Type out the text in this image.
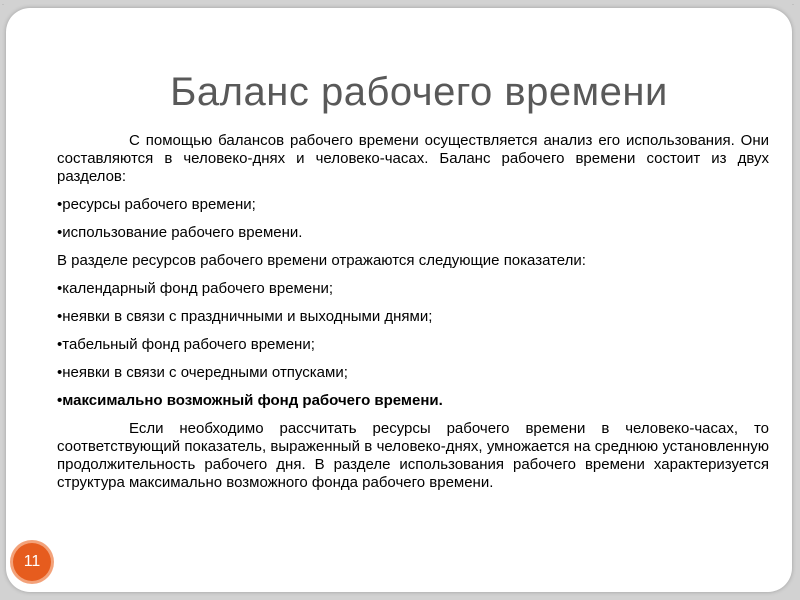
Баланс рабочего времени

С помощью балансов рабочего времени осуществляется анализ его использования. Они составляются в человеко-днях и человеко-часах. Баланс рабочего времени состоит из двух разделов:

•ресурсы рабочего времени;

•использование рабочего времени.

В разделе ресурсов рабочего времени отражаются следующие показатели:

•календарный фонд рабочего времени;

•неявки в связи с праздничными и выходными днями;

•табельный фонд рабочего времени;

•неявки в связи с очередными отпусками;

•максимально возможный фонд рабочего времени.

Если необходимо рассчитать ресурсы рабочего времени в человеко-часах, то соответствующий показатель, выраженный в человеко-днях, умножается на среднюю установленную продолжительность рабочего дня. В разделе использования рабочего времени характеризуется структура максимально возможного фонда рабочего времени.

11
·	·
